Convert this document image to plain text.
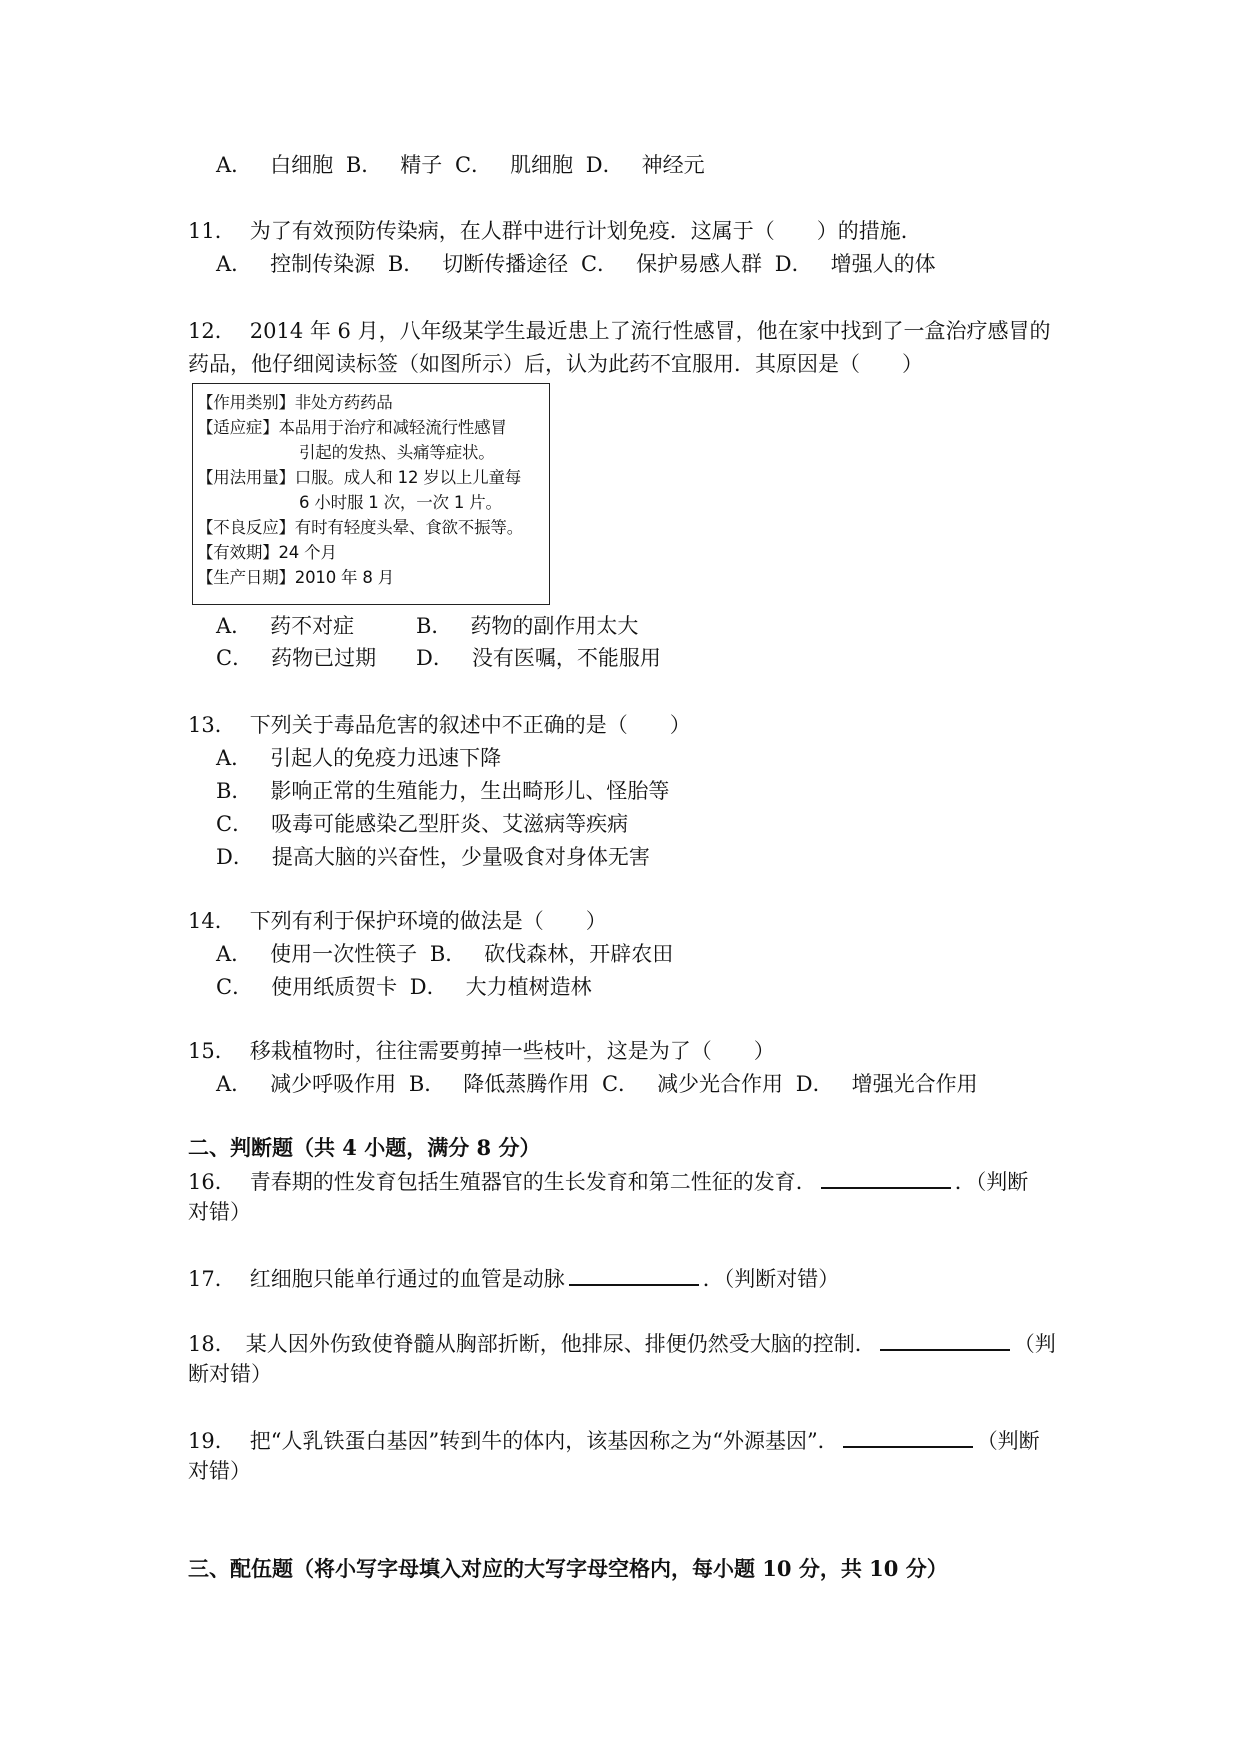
A． 白细胞 B． 精子 C． 肌细胞 D． 神经元
11． 为了有效预防传染病，在人群中进行计划免疫．这属于（　　）的措施．
A． 控制传染源 B． 切断传播途径 C． 保护易感人群 D． 增强人的体
12． 2014 年 6 月，八年级某学生最近患上了流行性感冒，他在家中找到了一盒治疗感冒的
药品，他仔细阅读标签（如图所示）后，认为此药不宜服用．其原因是（　　）
【作用类别】非处方药药品
【适应症】本品用于治疗和减轻流行性感冒
引起的发热、头痛等症状。
【用法用量】口服。成人和 12 岁以上儿童每
6 小时服 1 次，一次 1 片。
【不良反应】有时有轻度头晕、食欲不振等。
【有效期】24 个月
【生产日期】2010 年 8 月
A． 药不对症	B． 药物的副作用太大
C． 药物已过期 D． 没有医嘱，不能服用
13． 下列关于毒品危害的叙述中不正确的是（　　）
A． 引起人的免疫力迅速下降
B． 影响正常的生殖能力，生出畸形儿、怪胎等
C． 吸毒可能感染乙型肝炎、艾滋病等疾病
D． 提高大脑的兴奋性，少量吸食对身体无害
14． 下列有利于保护环境的做法是（　　）
A． 使用一次性筷子 B． 砍伐森林，开辟农田
C． 使用纸质贺卡 D． 大力植树造林
15． 移栽植物时，往往需要剪掉一些枝叶，这是为了（　　）
A． 减少呼吸作用 B． 降低蒸腾作用 C． 减少光合作用 D． 增强光合作用
二、判断题（共 4 小题，满分 8 分）
16． 青春期的性发育包括生殖器官的生长发育和第二性征的发育．	．（判断
对错）
17． 红细胞只能单行通过的血管是动脉	．（判断对错）
18． 某人因外伤致使脊髓从胸部折断，他排尿、排便仍然受大脑的控制．	（判
断对错）
19． 把“人乳铁蛋白基因”转到牛的体内，该基因称之为“外源基因”．	（判断
对错）
三、配伍题（将小写字母填入对应的大写字母空格内，每小题 10 分，共 10 分）
